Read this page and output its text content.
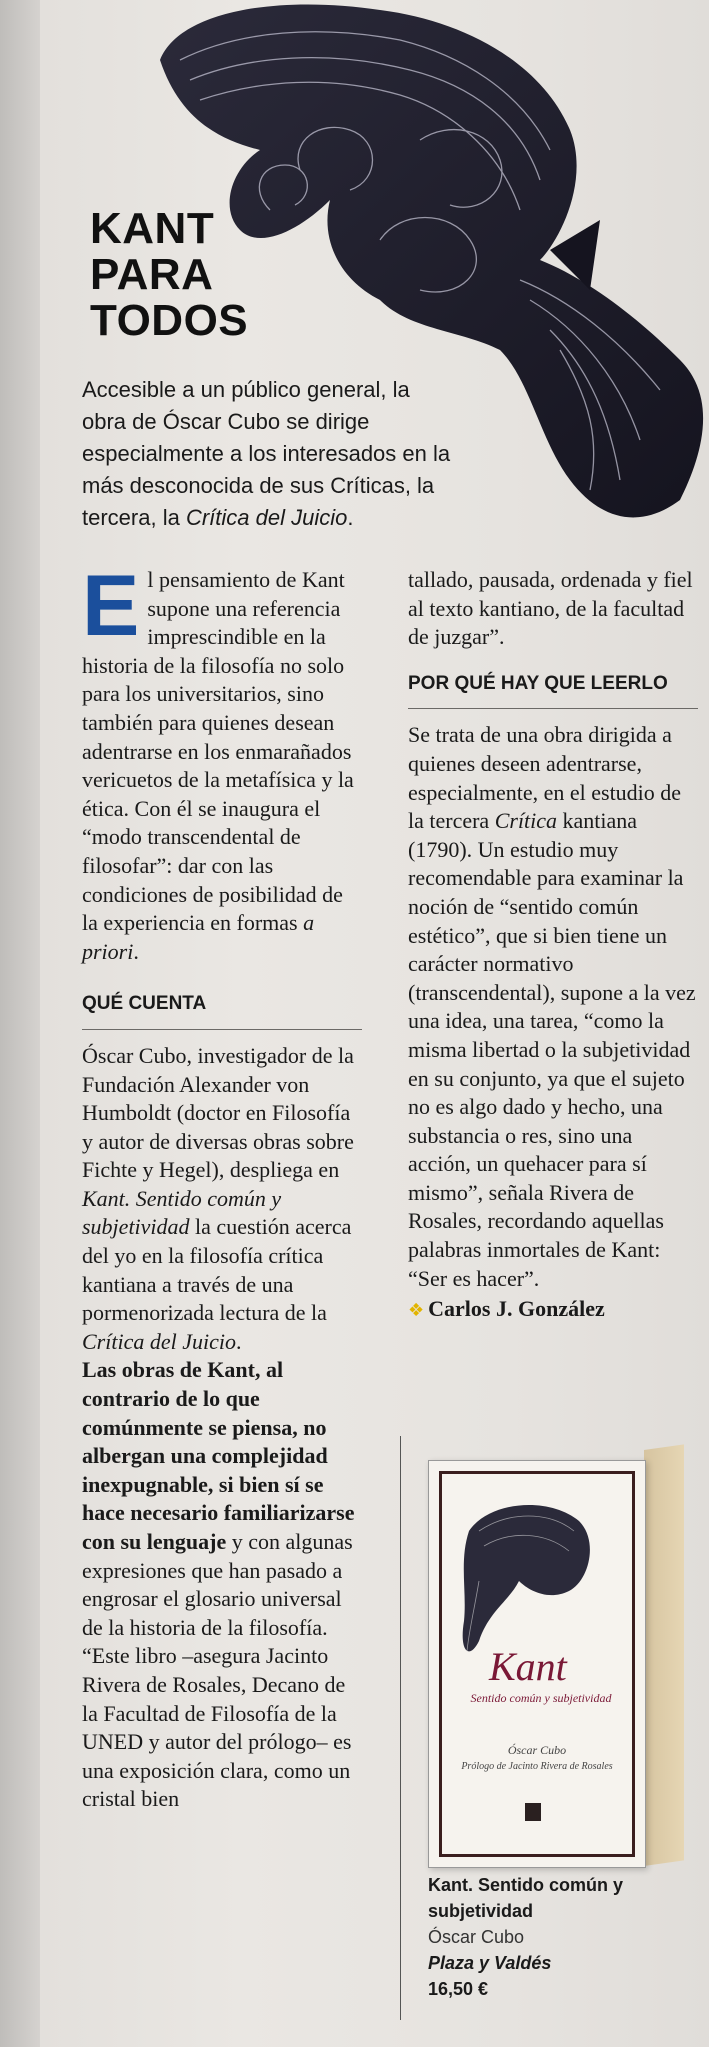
KANT
PARA
TODOS
Accesible a un público general, la obra de Óscar Cubo se dirige especialmente a los interesados en la más desconocida de sus Críticas, la tercera, la Crítica del Juicio.

El pensamiento de Kant supone una referencia imprescindible en la historia de la filosofía no solo para los universitarios, sino también para quienes desean adentrarse en los enmarañados vericuetos de la metafísica y la ética. Con él se inaugura el “modo transcendental de filosofar”: dar con las condiciones de posibilidad de la experiencia en formas a priori.

QUÉ CUENTA

Óscar Cubo, investigador de la Fundación Alexander von Humboldt (doctor en Filosofía y autor de diversas obras sobre Fichte y Hegel), despliega en Kant. Sentido común y subjetividad la cuestión acerca del yo en la filosofía crítica kantiana a través de una pormenorizada lectura de la Crítica del Juicio.

Las obras de Kant, al contrario de lo que comúnmente se piensa, no albergan una complejidad inexpugnable, si bien sí se hace necesario familiarizarse con su lenguaje y con algunas expresiones que han pasado a engrosar el glosario universal de la historia de la filosofía. “Este libro –asegura Jacinto Rivera de Rosales, Decano de la Facultad de Filosofía de la UNED y autor del prólogo– es una exposición clara, como un cristal bien

tallado, pausada, ordenada y fiel al texto kantiano, de la facultad de juzgar”.

POR QUÉ HAY QUE LEERLO

Se trata de una obra dirigida a quienes deseen adentrarse, especialmente, en el estudio de la tercera Crítica kantiana (1790). Un estudio muy recomendable para examinar la noción de “sentido común estético”, que si bien tiene un carácter normativo (transcendental), supone a la vez una idea, una tarea, “como la misma libertad o la subjetividad en su conjunto, ya que el sujeto no es algo dado y hecho, una substancia o res, sino una acción, un quehacer para sí mismo”, señala Rivera de Rosales, recordando aquellas palabras inmortales de Kant: “Ser es hacer”.

❖ Carlos J. González

Kant
Sentido común y subjetividad
Óscar Cubo
Prólogo de Jacinto Rivera de Rosales
Kant. Sentido común y subjetividad
Óscar Cubo
Plaza y Valdés
16,50 €
